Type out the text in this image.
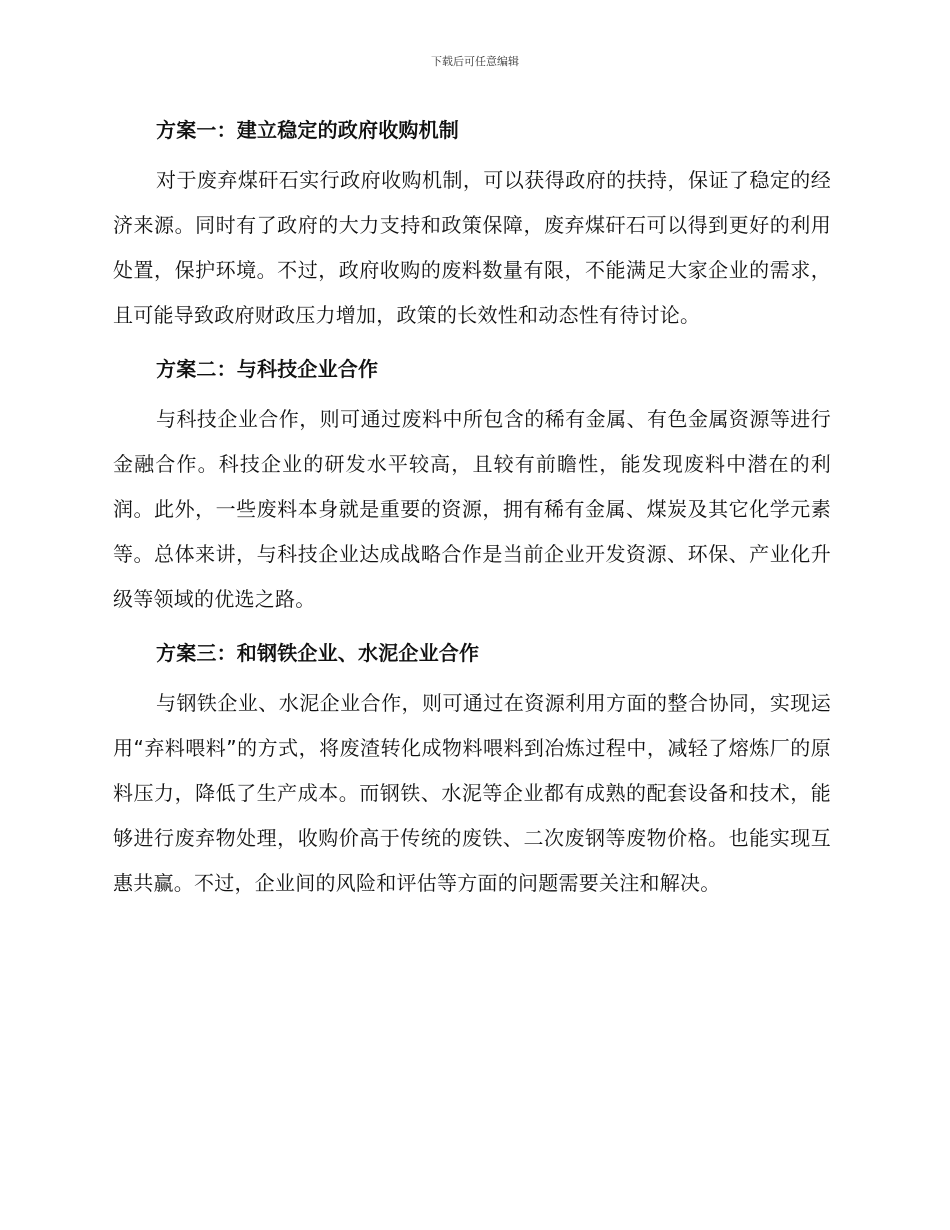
下载后可任意编辑
方案一：建立稳定的政府收购机制

对于废弃煤矸石实行政府收购机制，可以获得政府的扶持，保证了稳定的经济来源。同时有了政府的大力支持和政策保障，废弃煤矸石可以得到更好的利用处置，保护环境。不过，政府收购的废料数量有限，不能满足大家企业的需求，且可能导致政府财政压力增加，政策的长效性和动态性有待讨论。

方案二：与科技企业合作

与科技企业合作，则可通过废料中所包含的稀有金属、有色金属资源等进行金融合作。科技企业的研发水平较高，且较有前瞻性，能发现废料中潜在的利润。此外，一些废料本身就是重要的资源，拥有稀有金属、煤炭及其它化学元素等。总体来讲，与科技企业达成战略合作是当前企业开发资源、环保、产业化升级等领域的优选之路。

方案三：和钢铁企业、水泥企业合作

与钢铁企业、水泥企业合作，则可通过在资源利用方面的整合协同，实现运用“弃料喂料”的方式，将废渣转化成物料喂料到冶炼过程中，减轻了熔炼厂的原料压力，降低了生产成本。而钢铁、水泥等企业都有成熟的配套设备和技术，能够进行废弃物处理，收购价高于传统的废铁、二次废钢等废物价格。也能实现互惠共赢。不过，企业间的风险和评估等方面的问题需要关注和解决。
